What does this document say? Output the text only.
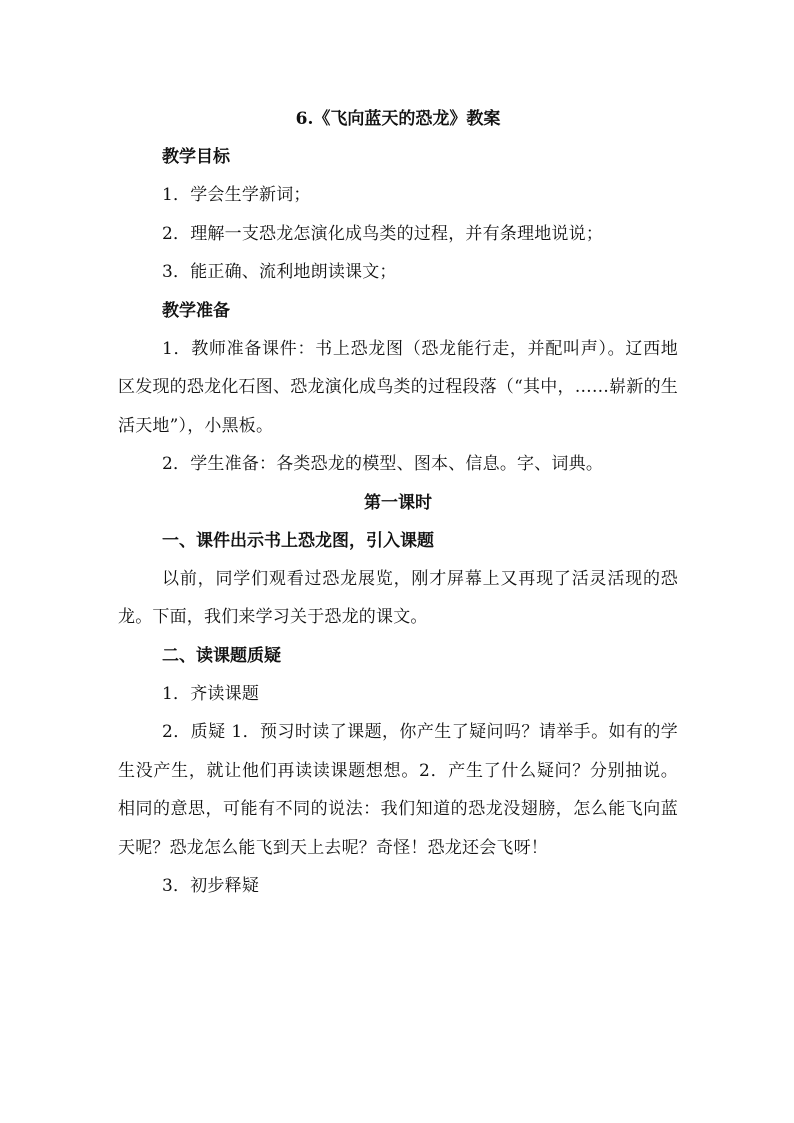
6.《飞向蓝天的恐龙》教案

教学目标

1．学会生学新词；

2．理解一支恐龙怎演化成鸟类的过程，并有条理地说说；

3．能正确、流利地朗读课文；

教学准备

1．教师准备课件：书上恐龙图（恐龙能行走，并配叫声）。辽西地区发现的恐龙化石图、恐龙演化成鸟类的过程段落（“其中，……崭新的生活天地”），小黑板。

2．学生准备：各类恐龙的模型、图本、信息。字、词典。

第一课时

一、课件出示书上恐龙图，引入课题

以前，同学们观看过恐龙展览，刚才屏幕上又再现了活灵活现的恐龙。下面，我们来学习关于恐龙的课文。

二、读课题质疑

1．齐读课题

2．质疑 1．预习时读了课题，你产生了疑问吗？请举手。如有的学生没产生，就让他们再读读课题想想。2．产生了什么疑问？分别抽说。相同的意思，可能有不同的说法：我们知道的恐龙没翅膀，怎么能飞向蓝天呢？恐龙怎么能飞到天上去呢？奇怪！恐龙还会飞呀！

3．初步释疑
